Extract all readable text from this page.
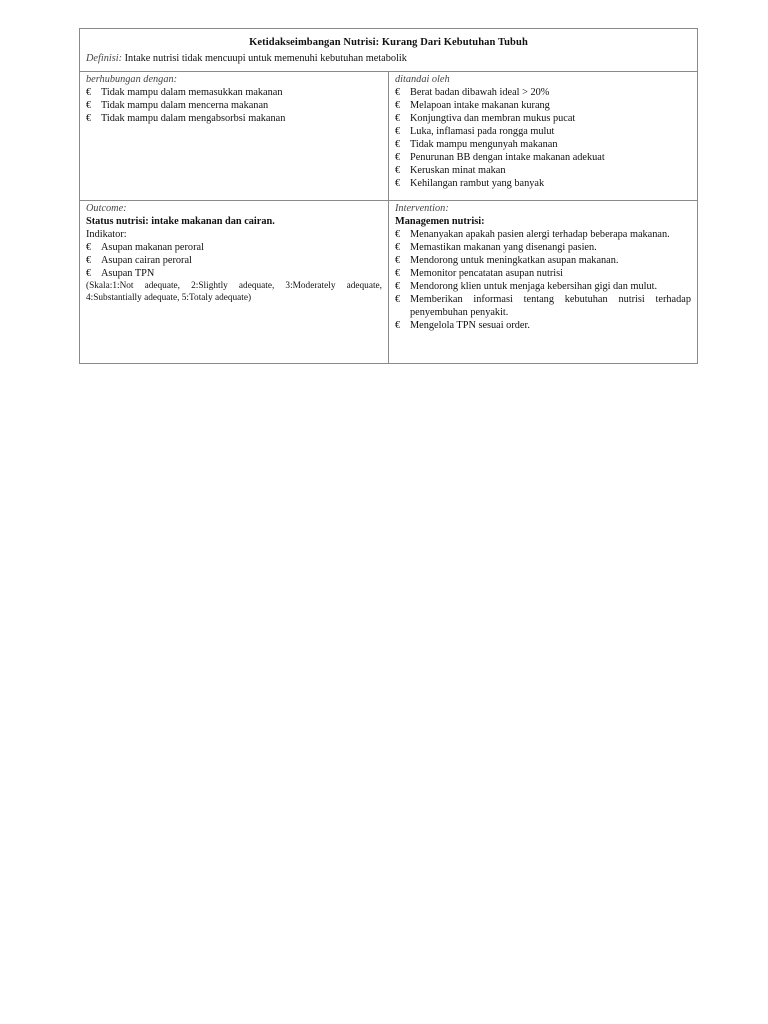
Ketidakseimbangan Nutrisi: Kurang Dari Kebutuhan Tubuh
Definisi: Intake nutrisi tidak mencuupi untuk memenuhi kebutuhan metabolik
berhubungan dengan:
€ Tidak mampu dalam memasukkan makanan
€ Tidak mampu dalam mencerna makanan
€ Tidak mampu dalam mengabsorbsi makanan
ditandai oleh
€ Berat badan dibawah ideal > 20%
€ Melapoan intake makanan kurang
€ Konjungtiva dan membran mukus pucat
€ Luka, inflamasi pada rongga mulut
€ Tidak mampu mengunyah makanan
€ Penurunan BB dengan intake makanan adekuat
€ Keruskan minat makan
€ Kehilangan rambut yang banyak
Outcome:
Status nutrisi: intake makanan dan cairan.
Indikator:
€ Asupan makanan peroral
€ Asupan cairan peroral
€ Asupan TPN
(Skala:1:Not adequate, 2:Slightly adequate, 3:Moderately adequate, 4:Substantially adequate, 5:Totaly adequate)
Intervention:
Managemen nutrisi:
€ Menanyakan apakah pasien alergi terhadap beberapa makanan.
€ Memastikan makanan yang disenangi pasien.
€ Mendorong untuk meningkatkan asupan makanan.
€ Memonitor pencatatan asupan nutrisi
€ Mendorong klien untuk menjaga kebersihan gigi dan mulut.
€ Memberikan informasi tentang kebutuhan nutrisi terhadap penyembuhan penyakit.
€ Mengelola TPN sesuai order.
